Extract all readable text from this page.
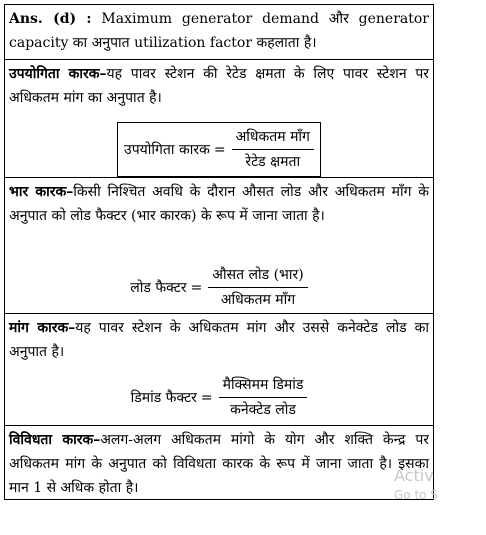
Ans. (d) : Maximum generator demand और generator capacity का अनुपात utilization factor कहलाता है।
उपयोगिता कारक–यह पावर स्टेशन की रेटेड क्षमता के लिए पावर स्टेशन पर अधिकतम मांग का अनुपात है।
उपयोगिता कारक = $\frac{\text{अधिकतम माँग}}{\text{रेटेड क्षमता}}$
भार कारक–किसी निश्चित अवधि के दौरान औसत लोड और अधिकतम माँग के अनुपात को लोड फैक्टर (भार कारक) के रूप में जाना जाता है।
लोड फैक्टर = $\frac{\text{औसत लोड (भार)}}{\text{अधिकतम माँग}}$
मांग कारक–यह पावर स्टेशन के अधिकतम मांग और उससे कनेक्टेड लोड का अनुपात है।
डिमांड फैक्टर = $\frac{\text{मैक्सिमम डिमांड}}{\text{कनेक्टेड लोड}}$
विविधता कारक–अलग-अलग अधिकतम मांगो के योग और शक्ति केन्द्र पर अधिकतम मांग के अनुपात को विविधता कारक के रूप में जाना जाता है। इसका मान 1 से अधिक होता है।
Activ
Go to S
